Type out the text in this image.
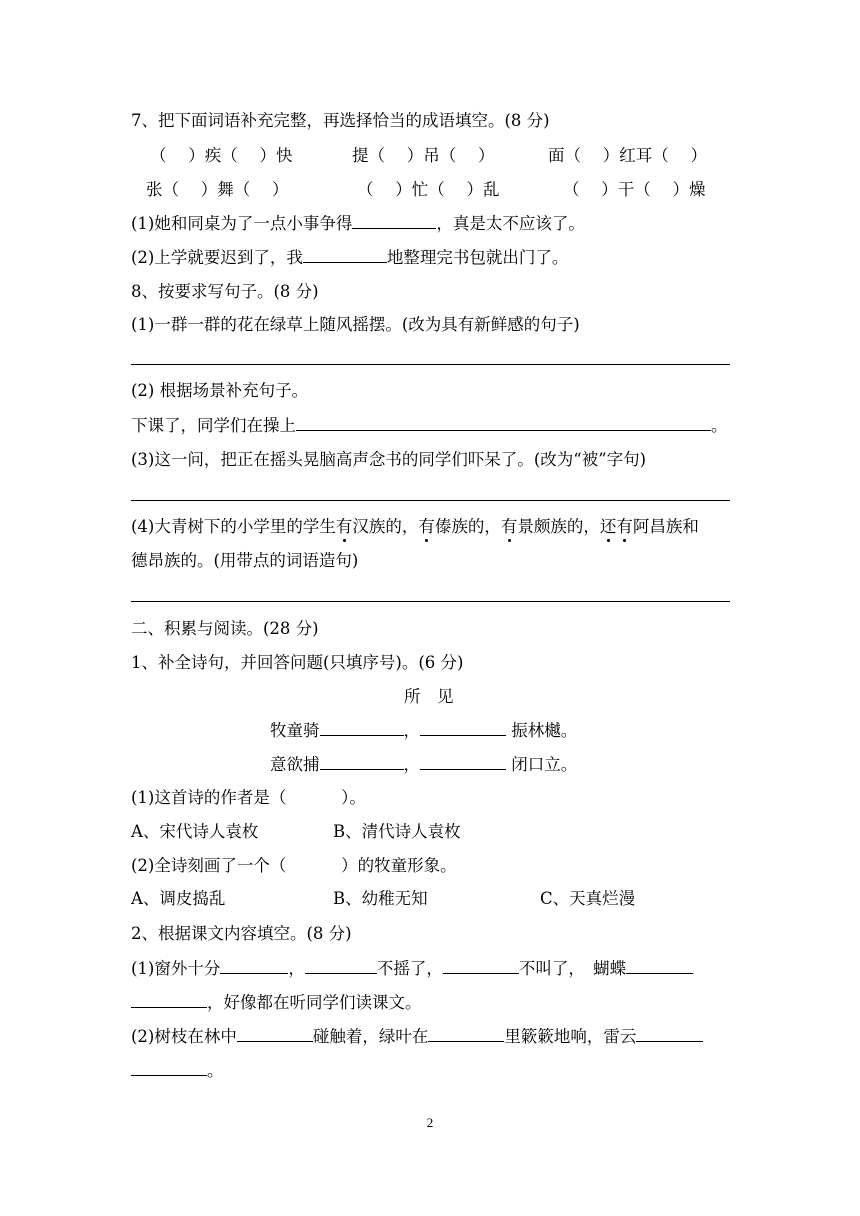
7、把下面词语补充完整，再选择恰当的成语填空。(8 分)
（　 ）疾（　 ）快	提（　 ）吊（　 ）	面（　 ）红耳（　 ）
张（　 ）舞（　 ）	（　 ）忙（　 ）乱	（　 ）干（　 ）燥
(1)她和同桌为了一点小事争得	，真是太不应该了。
(2)上学就要迟到了，我	地整理完书包就出门了。
8、按要求写句子。(8 分)
(1)一群一群的花在绿草上随风摇摆。(改为具有新鲜感的句子)
(2) 根据场景补充句子。
下课了，同学们在操上	。
(3)这一问，把正在摇头晃脑高声念书的同学们吓呆了。(改为“被”字句)
(4)大青树下的小学里的学生有汉族的，有傣族的，有景颇族的，还有阿昌族和
德昂族的。(用带点的词语造句)
二、积累与阅读。(28 分)
1、补全诗句，并回答问题(只填序号)。(6 分)
所　见
牧童骑	，	振林樾。
意欲捕	，	闭口立。
(1)这首诗的作者是（　　　 ）。
A、宋代诗人袁枚	B、清代诗人袁枚
(2)全诗刻画了一个（　　　 ）的牧童形象。
A、调皮捣乱	B、幼稚无知	C、天真烂漫
2、根据课文内容填空。(8 分)
(1)窗外十分	，	不摇了，	不叫了，　蝴蝶
，好像都在听同学们读课文。
(2)树枝在林中	碰触着，绿叶在	里簌簌地响，雷云
。
2
